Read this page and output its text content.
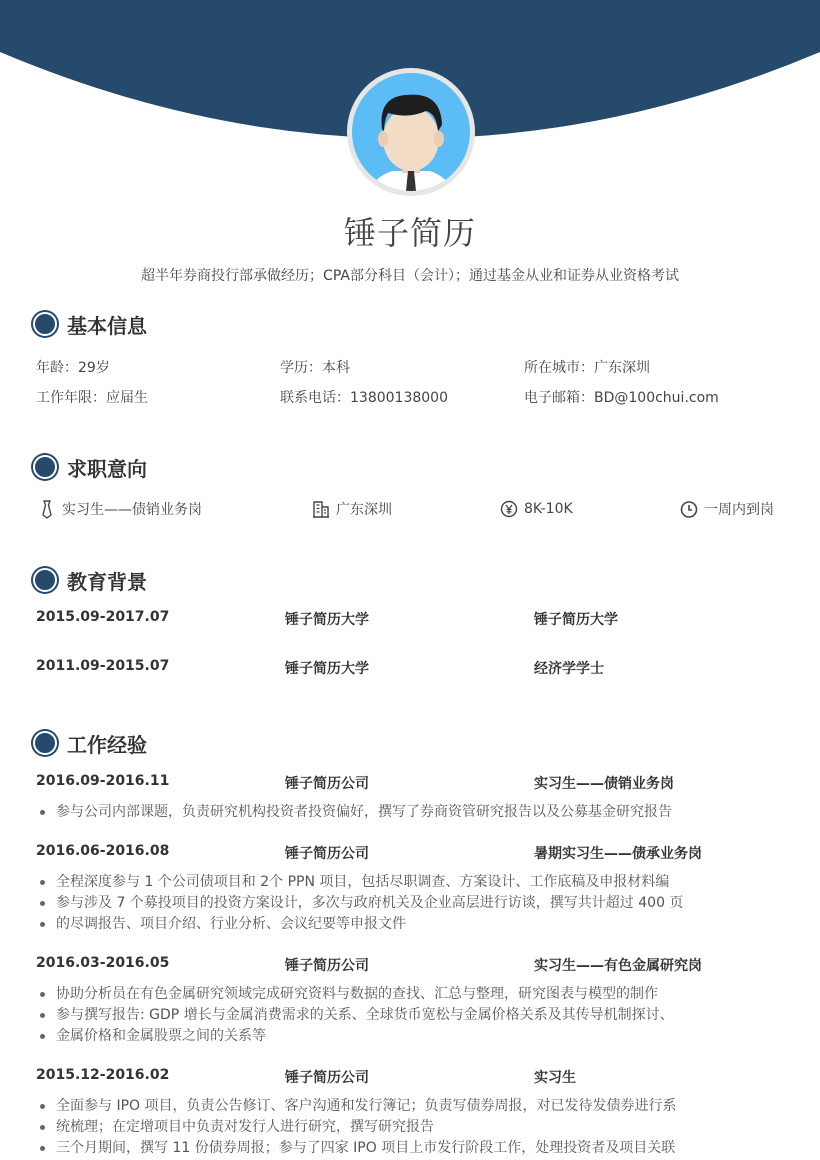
锤子简历
超半年券商投行部承做经历；CPA部分科目（会计）；通过基金从业和证券从业资格考试
基本信息
年龄：29岁	学历：本科	所在城市：广东深圳
工作年限：应届生	联系电话：13800138000	电子邮箱：BD@100chui.com
求职意向
实习生——债销业务岗	广东深圳	8K-10K	一周内到岗
教育背景
2015.09-2017.07	锤子简历大学	锤子简历大学
2011.09-2015.07	锤子简历大学	经济学学士
工作经验
2016.09-2016.11	锤子简历公司	实习生——债销业务岗
参与公司内部课题，负责研究机构投资者投资偏好，撰写了券商资管研究报告以及公募基金研究报告
2016.06-2016.08	锤子简历公司	暑期实习生——债承业务岗
全程深度参与 1 个公司债项目和 2个 PPN 项目，包括尽职调查、方案设计、工作底稿及申报材料编
参与涉及 7 个募投项目的投资方案设计，多次与政府机关及企业高层进行访谈，撰写共计超过 400 页
的尽调报告、项目介绍、行业分析、会议纪要等申报文件
2016.03-2016.05	锤子简历公司	实习生——有色金属研究岗
协助分析员在有色金属研究领域完成研究资料与数据的查找、汇总与整理，研究图表与模型的制作
参与撰写报告: GDP 增长与金属消费需求的关系、全球货币宽松与金属价格关系及其传导机制探讨、
金属价格和金属股票之间的关系等
2015.12-2016.02	锤子简历公司	实习生
全面参与 IPO 项目，负责公告修订、客户沟通和发行簿记；负责写债券周报，对已发待发债券进行系
统梳理；在定增项目中负责对发行人进行研究，撰写研究报告
三个月期间，撰写 11 份债券周报；参与了四家 IPO 项目上市发行阶段工作，处理投资者及项目关联
